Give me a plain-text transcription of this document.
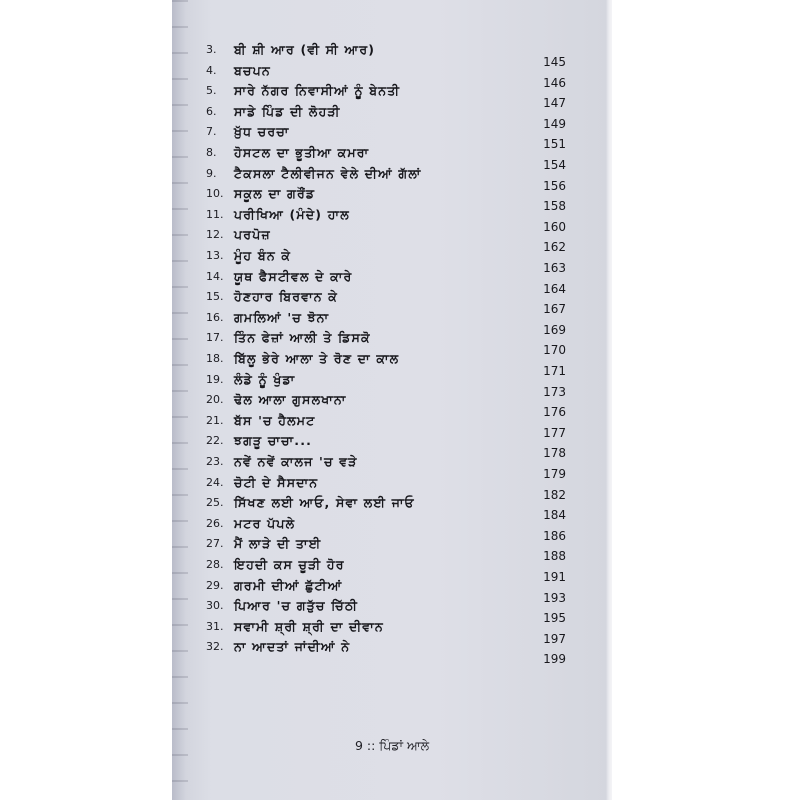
3. ਬੀ ਸ਼ੀ ਆਰ (ਵੀ ਸੀ ਆਰ)
145
4. ਬਚਪਨ
146
5. ਸਾਰੇ ਨੱਗਰ ਨਿਵਾਸੀਆਂ ਨੂੰ ਬੇਨਤੀ
147
6. ਸਾਡੇ ਪਿੰਡ ਦੀ ਲੋਹੜੀ
149
7. ਖ਼ੁੱਧ ਚਰਚਾ
151
8. ਹੋਸਟਲ ਦਾ ਭੂਤੀਆ ਕਮਰਾ
154
9. ਟੈਕਸਲਾ ਟੈਲੀਵੀਜਨ ਵੇਲੇ ਦੀਆਂ ਗੱਲਾਂ
156
10. ਸਕੂਲ ਦਾ ਗਰੌਂਡ
158
11. ਪਰੀਖਿਆ (ਮੰਦੇ) ਹਾਲ
160
12. ਪਰਪੋਜ਼
162
13. ਮੂੰਹ ਬੰਨ ਕੇ
163
14. ਯੂਥ ਫੈਸਟੀਵਲ ਦੇ ਕਾਰੇ
164
15. ਹੋਣਹਾਰ ਬਿਰਵਾਨ ਕੇ
167
16. ਗਮਲਿਆਂ 'ਚ ਝੋਨਾ
169
17. ਤਿੰਨ ਫੇਜ਼ਾਂ ਆਲੀ ਤੇ ਡਿਸਕੋ
170
18. ਬਿੱਲੂ ਭੇਰੇ ਆਲਾ ਤੇ ਰੋਣ ਦਾ ਕਾਲ
171
19. ਲੰਡੇ ਨੂੰ ਖੁੰਡਾ
173
20. ਢੋਲ ਆਲਾ ਗੁਸਲਖਾਨਾ
176
21. ਬੱਸ 'ਚ ਹੈਲਮਟ
177
22. ਝਗੜੂ ਚਾਚਾ...
178
23. ਨਵੇਂ ਨਵੇਂ ਕਾਲਜ 'ਚ ਵੜੇ
179
24. ਚੋਟੀ ਦੇ ਸੈਸਦਾਨ
182
25. ਸਿੱਖਣ ਲਈ ਆਓ, ਸੇਵਾ ਲਈ ਜਾਓ
184
26. ਮਟਰ ਪੱਪਲੇ
186
27. ਮੈਂ ਲਾੜੇ ਦੀ ਤਾਈ
188
28. ਇਹਦੀ ਕਸ ਚੂੜੀ ਹੋਰ
191
29. ਗਰਮੀ ਦੀਆਂ ਛੁੱਟੀਆਂ
193
30. ਪਿਆਰ 'ਚ ਗੜੁੱਚ ਚਿੱਠੀ
195
31. ਸਵਾਮੀ ਸ਼੍ਰੀ ਸ਼੍ਰੀ ਦਾ ਦੀਵਾਨ
197
32. ਨਾ ਆਦਤਾਂ ਜਾਂਦੀਆਂ ਨੇ
199
9 :: ਪਿੰਡਾਂ ਆਲੇ
